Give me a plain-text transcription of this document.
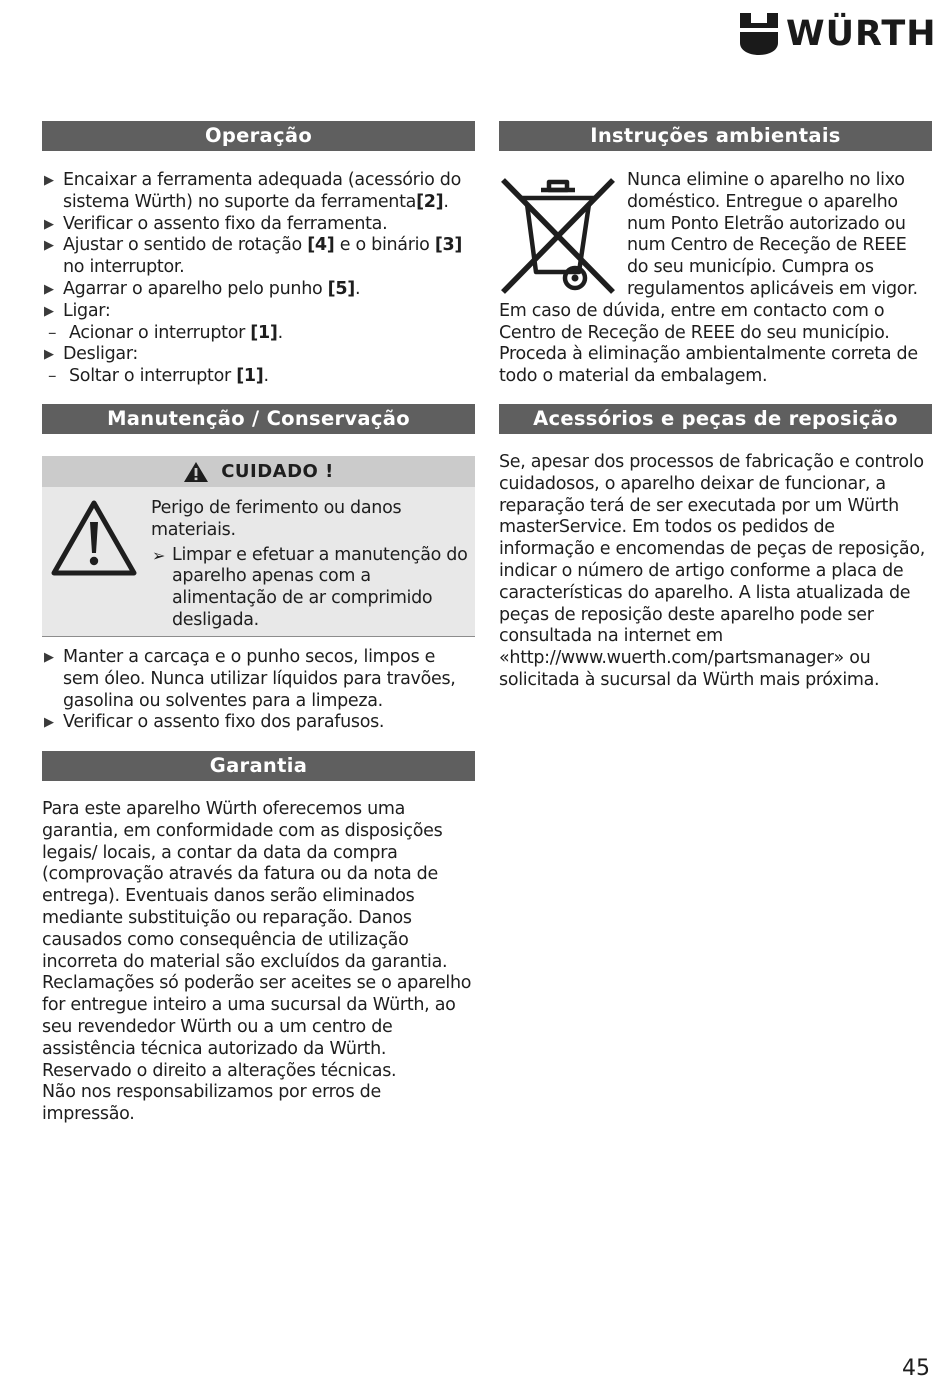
WÜRTH
Operação
▶ Encaixar a ferramenta adequada (acessório do sistema Würth) no suporte da ferramenta[2].
▶ Verificar o assento fixo da ferramenta.
▶ Ajustar o sentido de rotação [4] e o binário [3] no interruptor.
▶ Agarrar o aparelho pelo punho [5].
▶ Ligar:
– Acionar o interruptor [1].
▶ Desligar:
– Soltar o interruptor [1].
Manutenção / Conservação
CUIDADO !
Perigo de ferimento ou danos materiais.
➢ Limpar e efetuar a manutenção do aparelho apenas com a alimentação de ar comprimido desligada.
▶ Manter a carcaça e o punho secos, limpos e sem óleo. Nunca utilizar líquidos para travões, gasolina ou solventes para a limpeza.
▶ Verificar o assento fixo dos parafusos.
Garantia
Para este aparelho Würth oferecemos uma garantia, em conformidade com as disposições legais/ locais, a contar da data da compra (comprovação através da fatura ou da nota de entrega). Eventuais danos serão eliminados mediante substituição ou reparação. Danos causados como consequência de utilização incorreta do material são excluídos da garantia. Reclamações só poderão ser aceites se o aparelho for entregue inteiro a uma sucursal da Würth, ao seu revendedor Würth ou a um centro de assistência técnica autorizado da Würth. Reservado o direito a alterações técnicas.
Não nos responsabilizamos por erros de impressão.
Instruções ambientais
Nunca elimine o aparelho no lixo doméstico. Entregue o aparelho num Ponto Eletrão autorizado ou num Centro de Receção de REEE do seu município. Cumpra os regulamentos aplicáveis em vigor. Em caso de dúvida, entre em contacto com o Centro de Receção de REEE do seu município. Proceda à eliminação ambientalmente correta de todo o material da embalagem.
Acessórios e peças de reposição
Se, apesar dos processos de fabricação e controlo cuidadosos, o aparelho deixar de funcionar, a reparação terá de ser executada por um Würth masterService. Em todos os pedidos de informação e encomendas de peças de reposição, indicar o número de artigo conforme a placa de características do aparelho. A lista atualizada de peças de reposição deste aparelho pode ser consultada na internet em «http://www.wuerth.com/partsmanager» ou solicitada à sucursal da Würth mais próxima.
45
